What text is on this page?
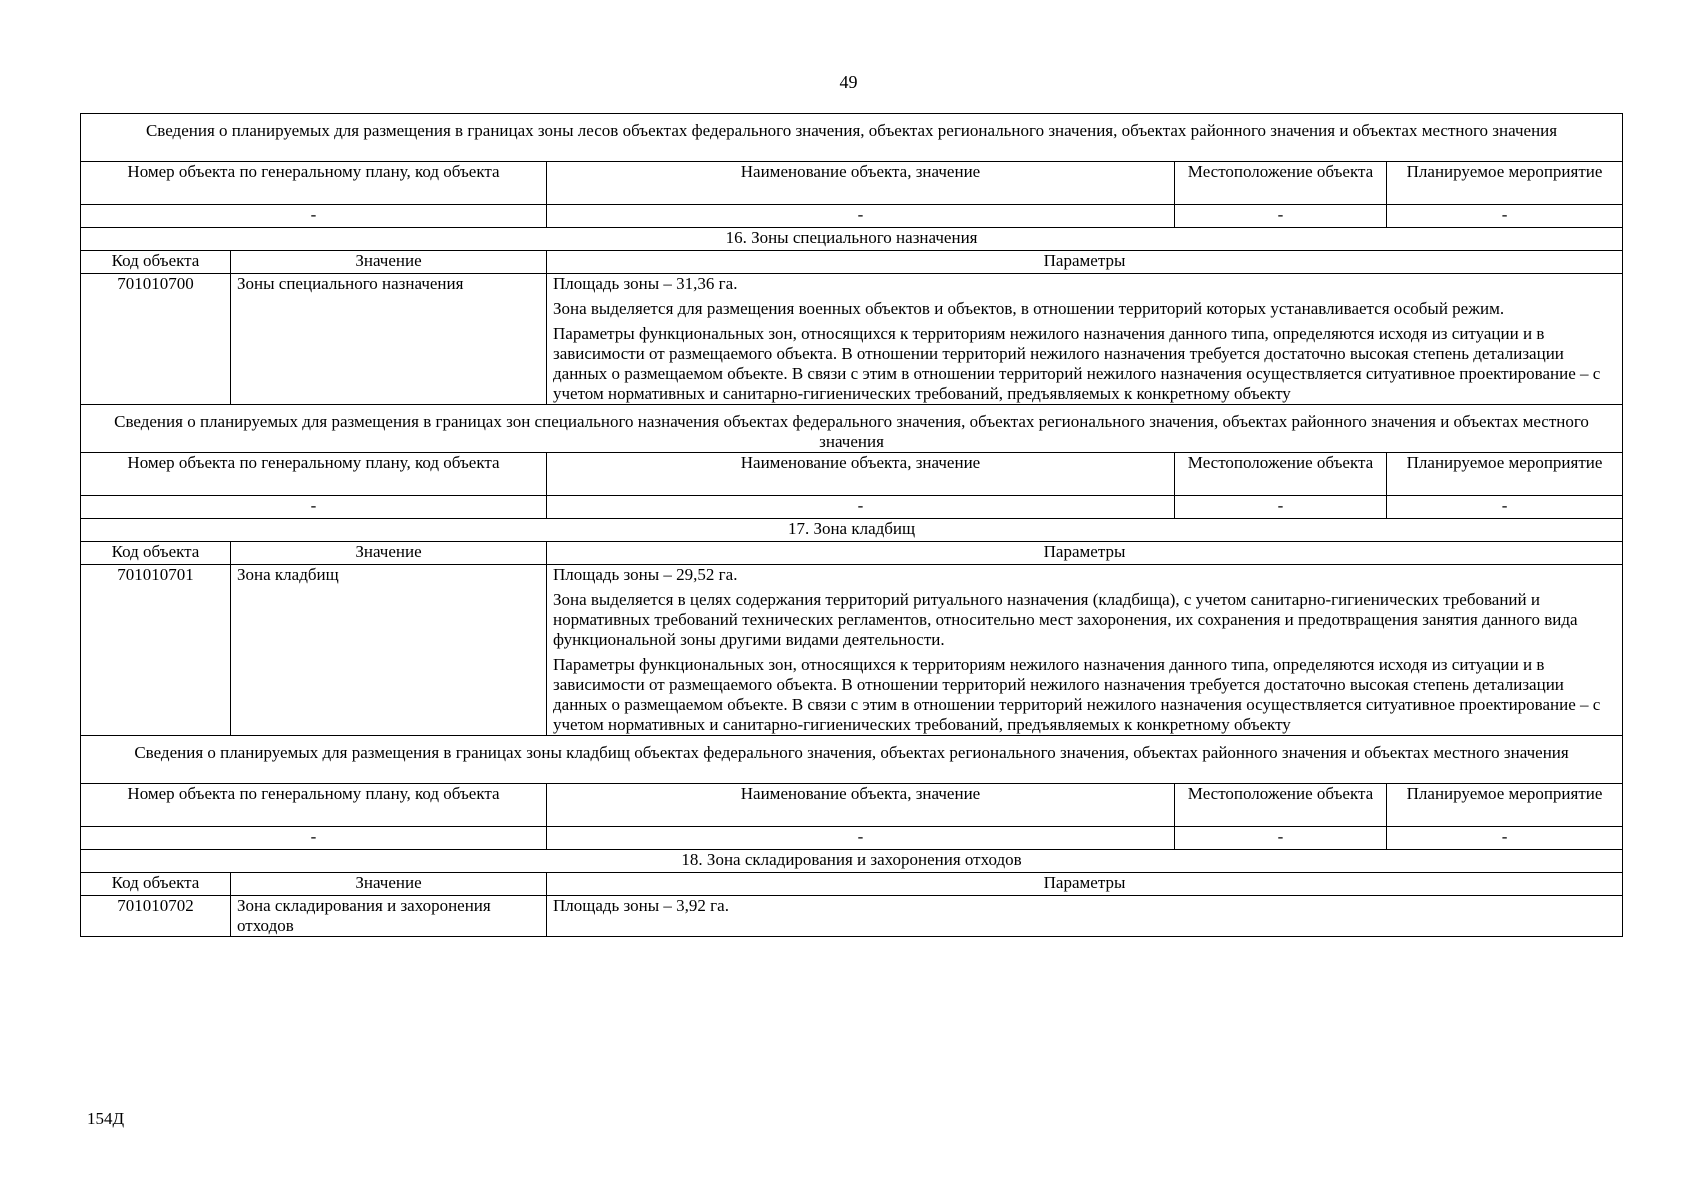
49
Сведения о планируемых для размещения в границах зоны лесов объектах федерального значения, объектах регионального значения, объектах районного значения и объектах местного значения				
Номер объекта по генеральному плану, код объекта		Наименование объекта, значение	Местоположение объекта	Планируемое мероприятие
-		-	-	-
16. Зоны специального назначения				
Код объекта	Значение	Параметры		
701010700	Зоны специального назначения	Площадь зоны – 31,36 га.

Зона выделяется для размещения военных объектов и объектов, в отношении территорий которых устанавливается особый режим.

Параметры функциональных зон, относящихся к территориям нежилого назначения данного типа, определяются исходя из ситуации и в зависимости от размещаемого объекта. В отношении территорий нежилого назначения требуется достаточно высокая степень детализации данных о размещаемом объекте. В связи с этим в отношении территорий нежилого назначения осуществляется ситуативное проектирование – с учетом нормативных и санитарно-гигиенических требований, предъявляемых к конкретному объекту		

Сведения о планируемых для размещения в границах зон специального назначения объектах федерального значения, объектах регионального значения, объектах районного значения и объектах местного значения				
Номер объекта по генеральному плану, код объекта		Наименование объекта, значение	Местоположение объекта	Планируемое мероприятие
-		-	-	-
17. Зона кладбищ				
Код объекта	Значение	Параметры		
701010701	Зона кладбищ	Площадь зоны – 29,52 га.

Зона выделяется в целях содержания территорий ритуального назначения (кладбища), с учетом санитарно-гигиенических требований и нормативных требований технических регламентов, относительно мест захоронения, их сохранения и предотвращения занятия данного вида функциональной зоны другими видами деятельности.

Параметры функциональных зон, относящихся к территориям нежилого назначения данного типа, определяются исходя из ситуации и в зависимости от размещаемого объекта. В отношении территорий нежилого назначения требуется достаточно высокая степень детализации данных о размещаемом объекте. В связи с этим в отношении территорий нежилого назначения осуществляется ситуативное проектирование – с учетом нормативных и санитарно-гигиенических требований, предъявляемых к конкретному объекту		

Сведения о планируемых для размещения в границах зоны кладбищ объектах федерального значения, объектах регионального значения, объектах районного значения и объектах местного значения				
Номер объекта по генеральному плану, код объекта		Наименование объекта, значение	Местоположение объекта	Планируемое мероприятие
-		-	-	-
18. Зона складирования и захоронения отходов				
Код объекта	Значение	Параметры		
701010702	Зона складирования и захоронения отходов	Площадь зоны – 3,92 га.		

154Д
